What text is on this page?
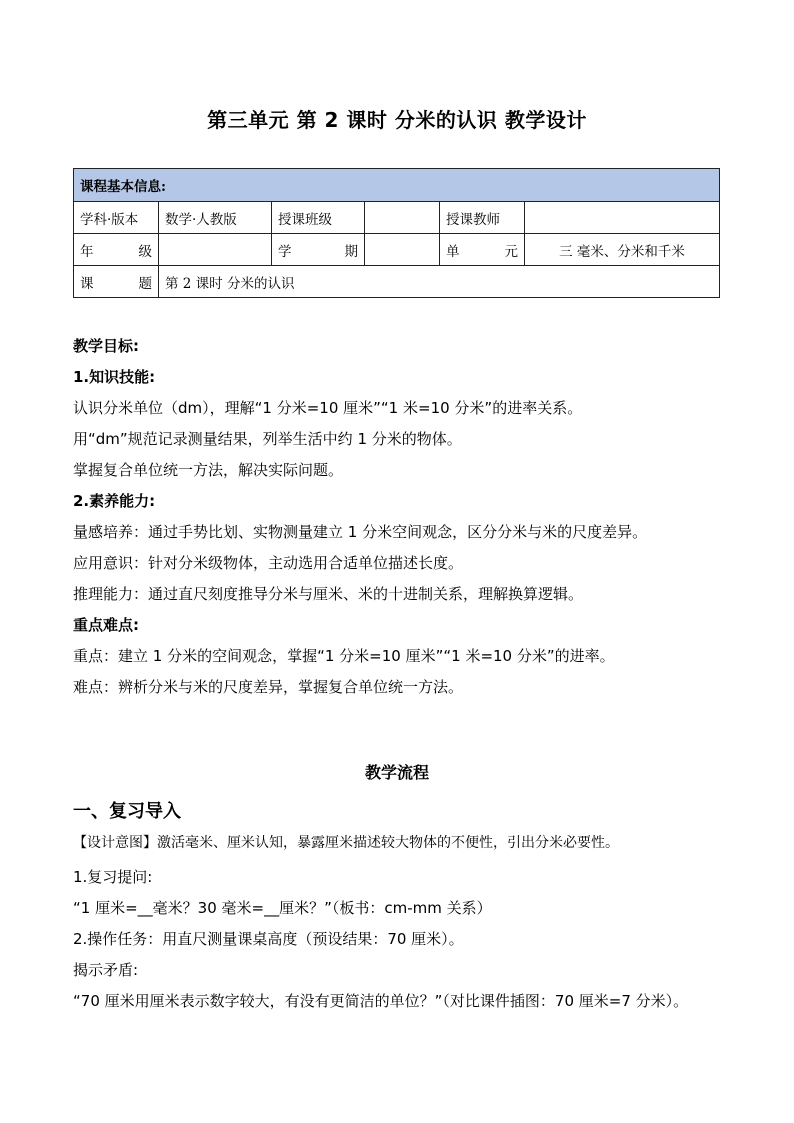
第三单元 第 2 课时 分米的认识 教学设计
课程基本信息:					
学科·版本	数学·人教版	授课班级		授课教师	

年 级		学 期		单 元	三 毫米、分米和千米

课 题	第 2 课时 分米的认识				
教学目标:
1.知识技能:
认识分米单位（dm），理解“1 分米=10 厘米”“1 米=10 分米”的进率关系。
用“dm”规范记录测量结果，列举生活中约 1 分米的物体。
掌握复合单位统一方法，解决实际问题。
2.素养能力:
量感培养：通过手势比划、实物测量建立 1 分米空间观念，区分分米与米的尺度差异。
应用意识：针对分米级物体，主动选用合适单位描述长度。
推理能力：通过直尺刻度推导分米与厘米、米的十进制关系，理解换算逻辑。
重点难点:
重点：建立 1 分米的空间观念，掌握“1 分米=10 厘米”“1 米=10 分米”的进率。
难点：辨析分米与米的尺度差异，掌握复合单位统一方法。
教学流程
一、复习导入
【设计意图】激活毫米、厘米认知，暴露厘米描述较大物体的不便性，引出分米必要性。
1.复习提问:
“1 厘米=__毫米？30 毫米=__厘米？”（板书：cm-mm 关系）
2.操作任务：用直尺测量课桌高度（预设结果：70 厘米）。
揭示矛盾:
“70 厘米用厘米表示数字较大，有没有更简洁的单位？”（对比课件插图：70 厘米=7 分米）。
